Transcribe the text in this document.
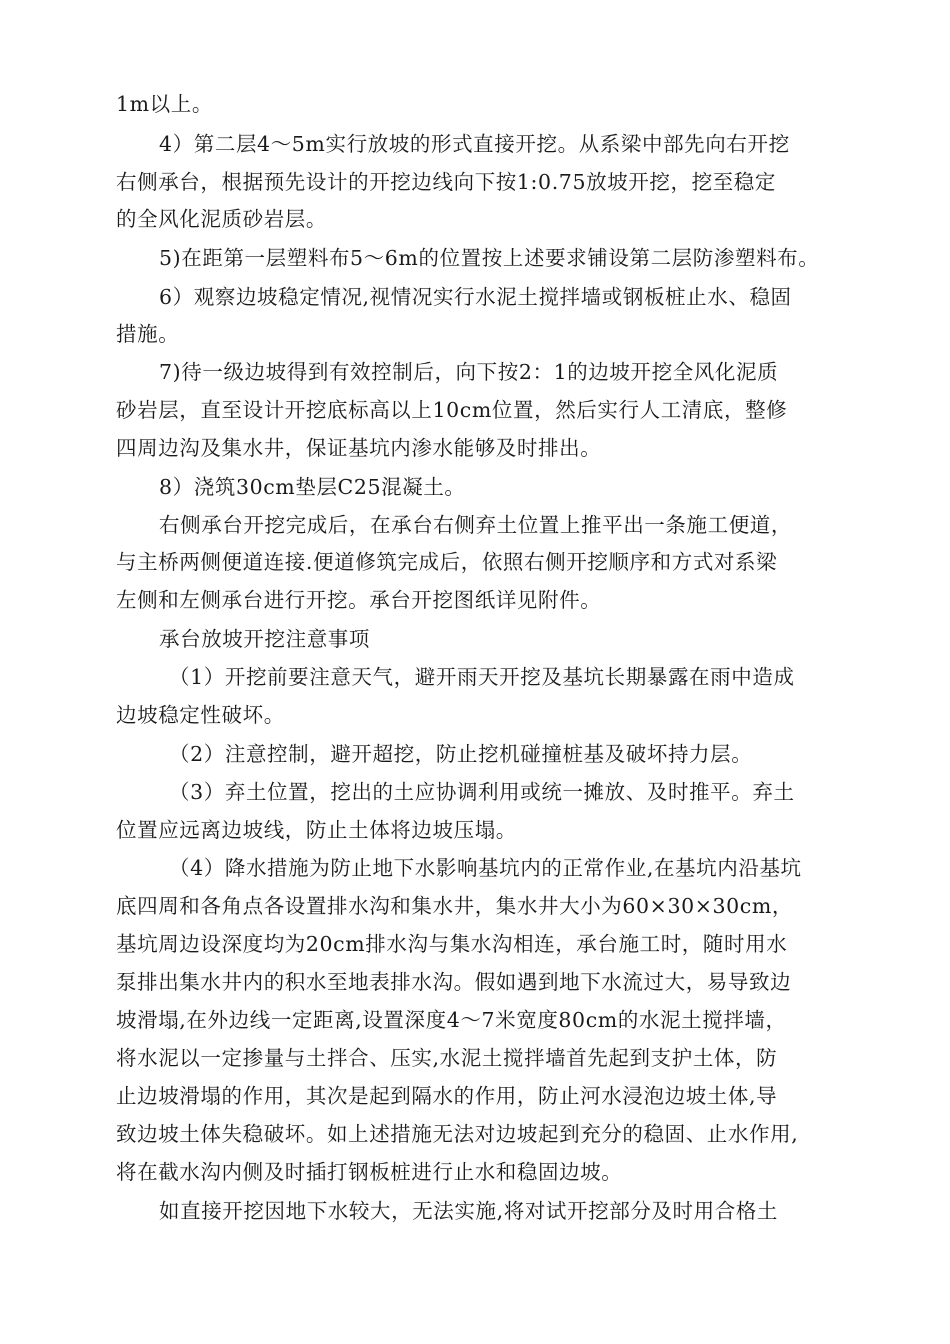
1m以上。
4）第二层4～5m实行放坡的形式直接开挖。从系梁中部先向右开挖
右侧承台，根据预先设计的开挖边线向下按1:0.75放坡开挖，挖至稳定
的全风化泥质砂岩层。
5)在距第一层塑料布5～6m的位置按上述要求铺设第二层防渗塑料布。
6）观察边坡稳定情况,视情况实行水泥土搅拌墙或钢板桩止水、稳固
措施。
7)待一级边坡得到有效控制后，向下按2：1的边坡开挖全风化泥质
砂岩层，直至设计开挖底标高以上10cm位置，然后实行人工清底，整修
四周边沟及集水井，保证基坑内渗水能够及时排出。
8）浇筑30cm垫层C25混凝土。
右侧承台开挖完成后，在承台右侧弃土位置上推平出一条施工便道，
与主桥两侧便道连接.便道修筑完成后，依照右侧开挖顺序和方式对系梁
左侧和左侧承台进行开挖。承台开挖图纸详见附件。
承台放坡开挖注意事项
（1）开挖前要注意天气，避开雨天开挖及基坑长期暴露在雨中造成
边坡稳定性破坏。
（2）注意控制，避开超挖，防止挖机碰撞桩基及破坏持力层。
（3）弃土位置，挖出的土应协调利用或统一摊放、及时推平。弃土
位置应远离边坡线，防止土体将边坡压塌。
（4）降水措施为防止地下水影响基坑内的正常作业,在基坑内沿基坑
底四周和各角点各设置排水沟和集水井，集水井大小为60×30×30cm，
基坑周边设深度均为20cm排水沟与集水沟相连，承台施工时，随时用水
泵排出集水井内的积水至地表排水沟。假如遇到地下水流过大，易导致边
坡滑塌,在外边线一定距离,设置深度4～7米宽度80cm的水泥土搅拌墙，
将水泥以一定掺量与土拌合、压实,水泥土搅拌墙首先起到支护土体，防
止边坡滑塌的作用，其次是起到隔水的作用，防止河水浸泡边坡土体,导
致边坡土体失稳破坏。如上述措施无法对边坡起到充分的稳固、止水作用,
将在截水沟内侧及时插打钢板桩进行止水和稳固边坡。
如直接开挖因地下水较大，无法实施,将对试开挖部分及时用合格土
